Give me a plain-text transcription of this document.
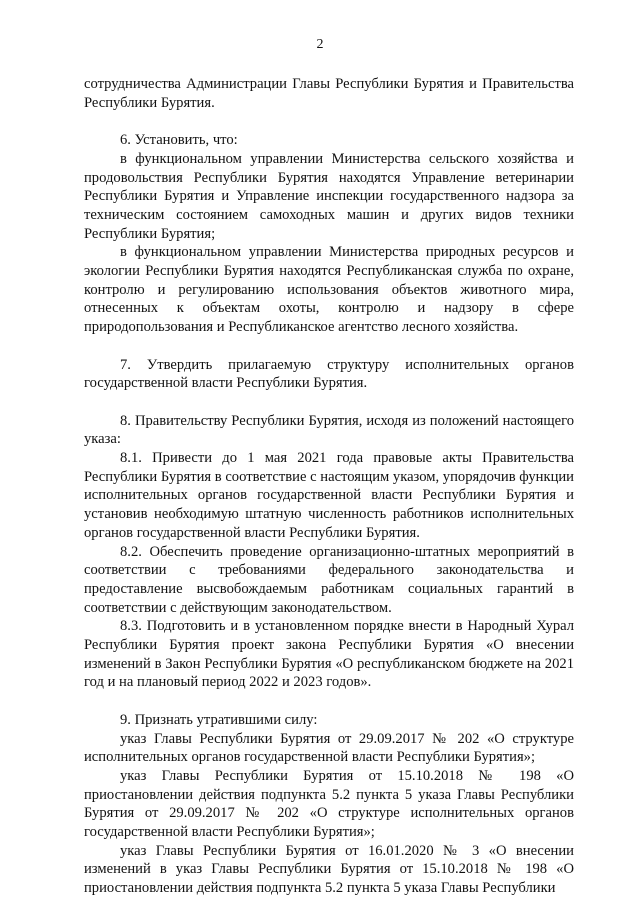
2

сотрудничества Администрации Главы Республики Бурятия и Правительства Республики Бурятия.

6. Установить, что:

в функциональном управлении Министерства сельского хозяйства и продовольствия Республики Бурятия находятся Управление ветеринарии Республики Бурятия и Управление инспекции государственного надзора за техническим состоянием самоходных машин и других видов техники Республики Бурятия;

в функциональном управлении Министерства природных ресурсов и экологии Республики Бурятия находятся Республиканская служба по охране, контролю и регулированию использования объектов животного мира, отнесенных к объектам охоты, контролю и надзору в сфере природопользования и Республиканское агентство лесного хозяйства.

7. Утвердить прилагаемую структуру исполнительных органов государственной власти Республики Бурятия.

8. Правительству Республики Бурятия, исходя из положений настоящего указа:

8.1. Привести до 1 мая 2021 года правовые акты Правительства Республики Бурятия в соответствие с настоящим указом, упорядочив функции исполнительных органов государственной власти Республики Бурятия и установив необходимую штатную численность работников исполнительных органов государственной власти Республики Бурятия.

8.2. Обеспечить проведение организационно-штатных мероприятий в соответствии с требованиями федерального законодательства и предоставление высвобождаемым работникам социальных гарантий в соответствии с действующим законодательством.

8.3. Подготовить и в установленном порядке внести в Народный Хурал Республики Бурятия проект закона Республики Бурятия «О внесении изменений в Закон Республики Бурятия «О республиканском бюджете на 2021 год и на плановый период 2022 и 2023 годов».

9. Признать утратившими силу:

указ Главы Республики Бурятия от 29.09.2017 № 202 «О структуре исполнительных органов государственной власти Республики Бурятия»;

указ Главы Республики Бурятия от 15.10.2018 № 198 «О приостановлении действия подпункта 5.2 пункта 5 указа Главы Республики Бурятия от 29.09.2017 № 202 «О структуре исполнительных органов государственной власти Республики Бурятия»;

указ Главы Республики Бурятия от 16.01.2020 № 3 «О внесении изменений в указ Главы Республики Бурятия от 15.10.2018 № 198 «О приостановлении действия подпункта 5.2 пункта 5 указа Главы Республики
